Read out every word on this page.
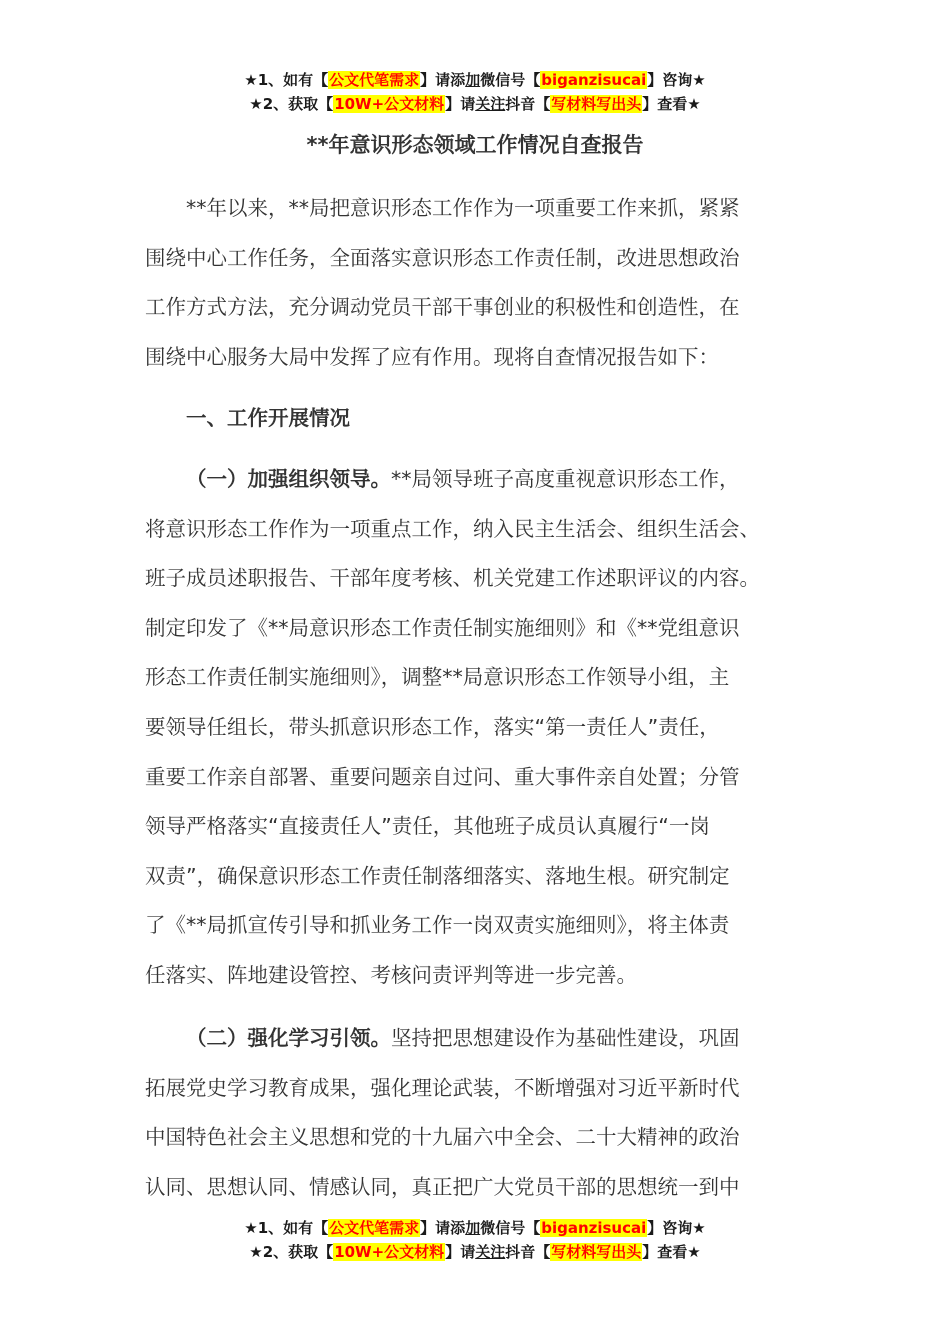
★1、如有【公文代笔需求】请添加微信号【biganzisucai】咨询★
★2、获取【10W+公文材料】请关注抖音【写材料写出头】查看★
**年意识形态领域工作情况自查报告
**年以来，**局把意识形态工作作为一项重要工作来抓，紧紧
围绕中心工作任务，全面落实意识形态工作责任制，改进思想政治
工作方式方法，充分调动党员干部干事创业的积极性和创造性，在
围绕中心服务大局中发挥了应有作用。现将自查情况报告如下：
一、工作开展情况
（一）加强组织领导。**局领导班子高度重视意识形态工作，
将意识形态工作作为一项重点工作，纳入民主生活会、组织生活会、
班子成员述职报告、干部年度考核、机关党建工作述职评议的内容。
制定印发了《**局意识形态工作责任制实施细则》和《**党组意识
形态工作责任制实施细则》，调整**局意识形态工作领导小组，主
要领导任组长，带头抓意识形态工作，落实“第一责任人”责任，
重要工作亲自部署、重要问题亲自过问、重大事件亲自处置；分管
领导严格落实“直接责任人”责任，其他班子成员认真履行“一岗
双责”，确保意识形态工作责任制落细落实、落地生根。研究制定
了《**局抓宣传引导和抓业务工作一岗双责实施细则》，将主体责
任落实、阵地建设管控、考核问责评判等进一步完善。
（二）强化学习引领。坚持把思想建设作为基础性建设，巩固
拓展党史学习教育成果，强化理论武装，不断增强对习近平新时代
中国特色社会主义思想和党的十九届六中全会、二十大精神的政治
认同、思想认同、情感认同，真正把广大党员干部的思想统一到中
★1、如有【公文代笔需求】请添加微信号【biganzisucai】咨询★
★2、获取【10W+公文材料】请关注抖音【写材料写出头】查看★
